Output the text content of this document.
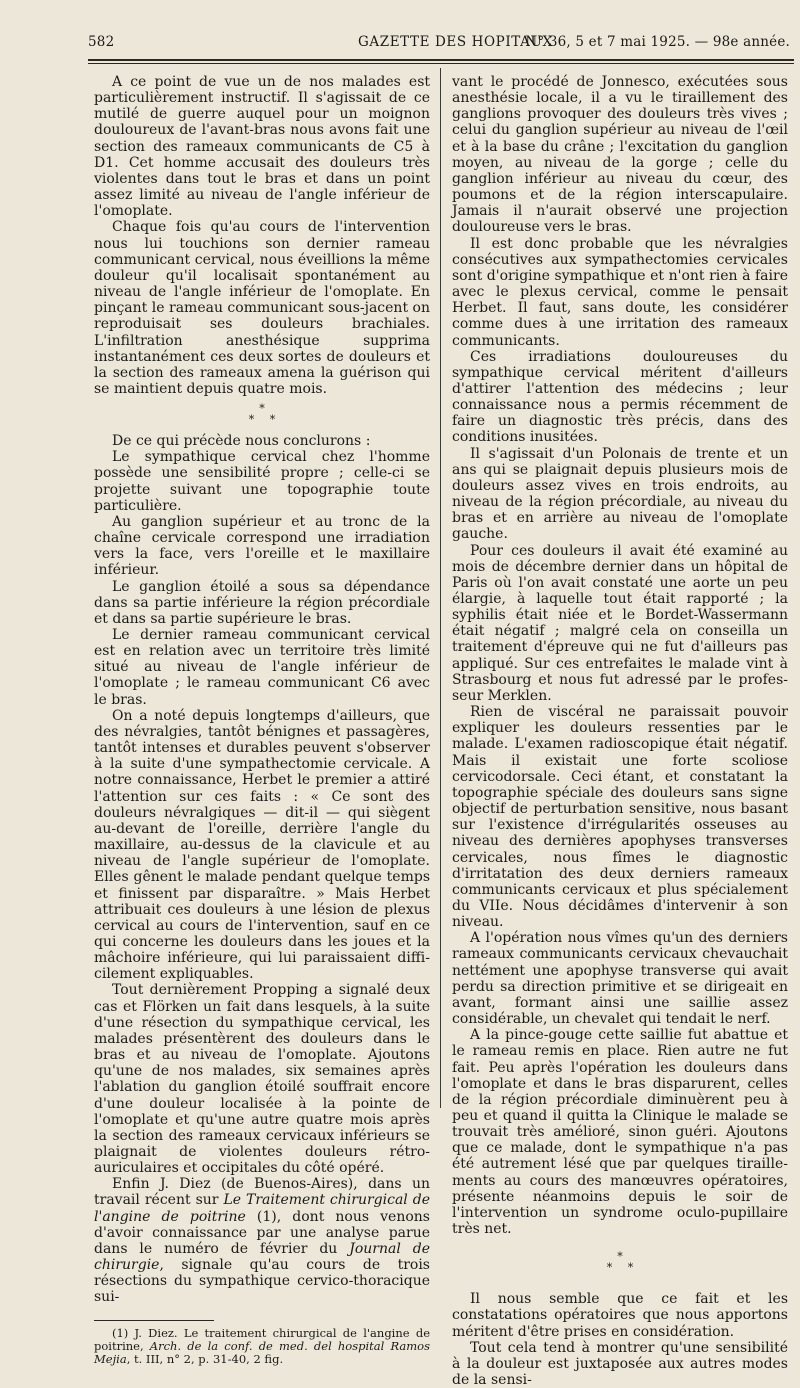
582	GAZETTE DES HOPITAUX
N° 36, 5 et 7 mai 1925. — 98e année.

A ce point de vue un de nos malades est particulièrement instructif. Il s'agissait de ce mutilé de guerre auquel pour un moignon douloureux de l'avant-bras nous avons fait une section des rameaux communicants de C5 à D1. Cet homme accusait des douleurs très violentes dans tout le bras et dans un point assez limité au niveau de l'angle inférieur de l'omoplate.

Chaque fois qu'au cours de l'intervention nous lui touchions son dernier rameau communicant cervical, nous éveillions la même douleur qu'il localisait spontanément au niveau de l'angle inférieur de l'omoplate. En pinçant le rameau communicant sous-jacent on reproduisait ses douleurs brachiales. L'infiltration anesthésique supprima instantanément ces deux sortes de douleurs et la section des rameaux amena la guérison qui se maintient depuis quatre mois.

*
* *

De ce qui précède nous conclurons :

Le sympathique cervical chez l'homme possède une sensibilité propre ; celle-ci se projette suivant une topographie toute particulière.

Au ganglion supérieur et au tronc de la chaîne cervicale correspond une irradiation vers la face, vers l'oreille et le maxillaire inférieur.

Le ganglion étoilé a sous sa dépendance dans sa partie inférieure la région précordiale et dans sa partie supérieure le bras.

Le dernier rameau communicant cervical est en relation avec un territoire très limité situé au niveau de l'angle inférieur de l'omoplate ; le rameau communicant C6 avec le bras.

On a noté depuis longtemps d'ailleurs, que des névralgies, tantôt bénignes et passagères, tantôt intenses et durables peuvent s'observer à la suite d'une sympathectomie cervicale. A notre connaissance, Herbet le premier a attiré l'attention sur ces faits : « Ce sont des douleurs névralgiques — dit-il — qui siègent au-devant de l'oreille, derrière l'angle du maxillaire, au-dessus de la clavicule et au niveau de l'angle supérieur de l'omoplate. Elles gênent le malade pendant quelque temps et finissent par disparaître. » Mais Herbet attribuait ces douleurs à une lésion de plexus cervical au cours de l'intervention, sauf en ce qui concerne les douleurs dans les joues et la mâchoire inférieure, qui lui paraissaient difficilement expliquables.

Tout dernièrement Propping a signalé deux cas et Flörken un fait dans lesquels, à la suite d'une résection du sympathique cervical, les malades présentèrent des douleurs dans le bras et au niveau de l'omoplate. Ajoutons qu'une de nos malades, six semaines après l'ablation du ganglion étoilé souffrait encore d'une douleur localisée à la pointe de l'omoplate et qu'une autre quatre mois après la section des rameaux cervicaux inférieurs se plaignait de violentes douleurs rétro-auriculaires et occipitales du côté opéré.

Enfin J. Diez (de Buenos-Aires), dans un travail récent sur Le Traitement chirurgical de l'angine de poitrine (1), dont nous venons d'avoir connaissance par une analyse parue dans le numéro de février du Journal de chirurgie, signale qu'au cours de trois résections du sympathique cervico-thoracique sui-

(1) J. Diez. Le traitement chirurgical de l'angine de poitrine, Arch. de la conf. de med. del hospital Ramos Mejia, t. III, n° 2, p. 31-40, 2 fig.

vant le procédé de Jonnesco, exécutées sous anesthésie locale, il a vu le tiraillement des ganglions provoquer des douleurs très vives ; celui du ganglion supérieur au niveau de l'œil et à la base du crâne ; l'excitation du ganglion moyen, au niveau de la gorge ; celle du ganglion inférieur au niveau du cœur, des poumons et de la région interscapulaire. Jamais il n'aurait observé une projection douloureuse vers le bras.

Il est donc probable que les névralgies consécutives aux sympathectomies cervicales sont d'origine sympathique et n'ont rien à faire avec le plexus cervical, comme le pensait Herbet. Il faut, sans doute, les considérer comme dues à une irritation des rameaux communicants.

Ces irradiations douloureuses du sympathique cervical méritent d'ailleurs d'attirer l'attention des médecins ; leur connaissance nous a permis récemment de faire un diagnostic très précis, dans des conditions inusitées.

Il s'agissait d'un Polonais de trente et un ans qui se plaignait depuis plusieurs mois de douleurs assez vives en trois endroits, au niveau de la région précordiale, au niveau du bras et en arrière au niveau de l'omoplate gauche.

Pour ces douleurs il avait été examiné au mois de décembre dernier dans un hôpital de Paris où l'on avait constaté une aorte un peu élargie, à laquelle tout était rapporté ; la syphilis était niée et le Bordet-Wassermann était négatif ; malgré cela on conseilla un traitement d'épreuve qui ne fut d'ailleurs pas appliqué. Sur ces entrefaites le malade vint à Strasbourg et nous fut adressé par le professeur Merklen.

Rien de viscéral ne paraissait pouvoir expliquer les douleurs ressenties par le malade. L'examen radioscopique était négatif. Mais il existait une forte scoliose cervicodorsale. Ceci étant, et constatant la topographie spéciale des douleurs sans signe objectif de perturbation sensitive, nous basant sur l'existence d'irrégularités osseuses au niveau des dernières apophyses transverses cervicales, nous fîmes le diagnostic d'irritatation des deux derniers rameaux communicants cervicaux et plus spécialement du VIIe. Nous décidâmes d'intervenir à son niveau.

A l'opération nous vîmes qu'un des derniers rameaux communicants cervicaux chevauchait nettément une apophyse transverse qui avait perdu sa direction primitive et se dirigeait en avant, formant ainsi une saillie assez considérable, un chevalet qui tendait le nerf.

A la pince-gouge cette saillie fut abattue et le rameau remis en place. Rien autre ne fut fait. Peu après l'opération les douleurs dans l'omoplate et dans le bras disparurent, celles de la région précordiale diminuèrent peu à peu et quand il quitta la Clinique le malade se trouvait très amélioré, sinon guéri. Ajoutons que ce malade, dont le sympathique n'a pas été autrement lésé que par quelques tiraillements au cours des manœuvres opératoires, présente néanmoins depuis le soir de l'intervention un syndrome oculo-pupillaire très net.

*
* *

Il nous semble que ce fait et les constatations opératoires que nous apportons méritent d'être prises en considération.

Tout cela tend à montrer qu'une sensibilité à la douleur est juxtaposée aux autres modes de la sensi-
